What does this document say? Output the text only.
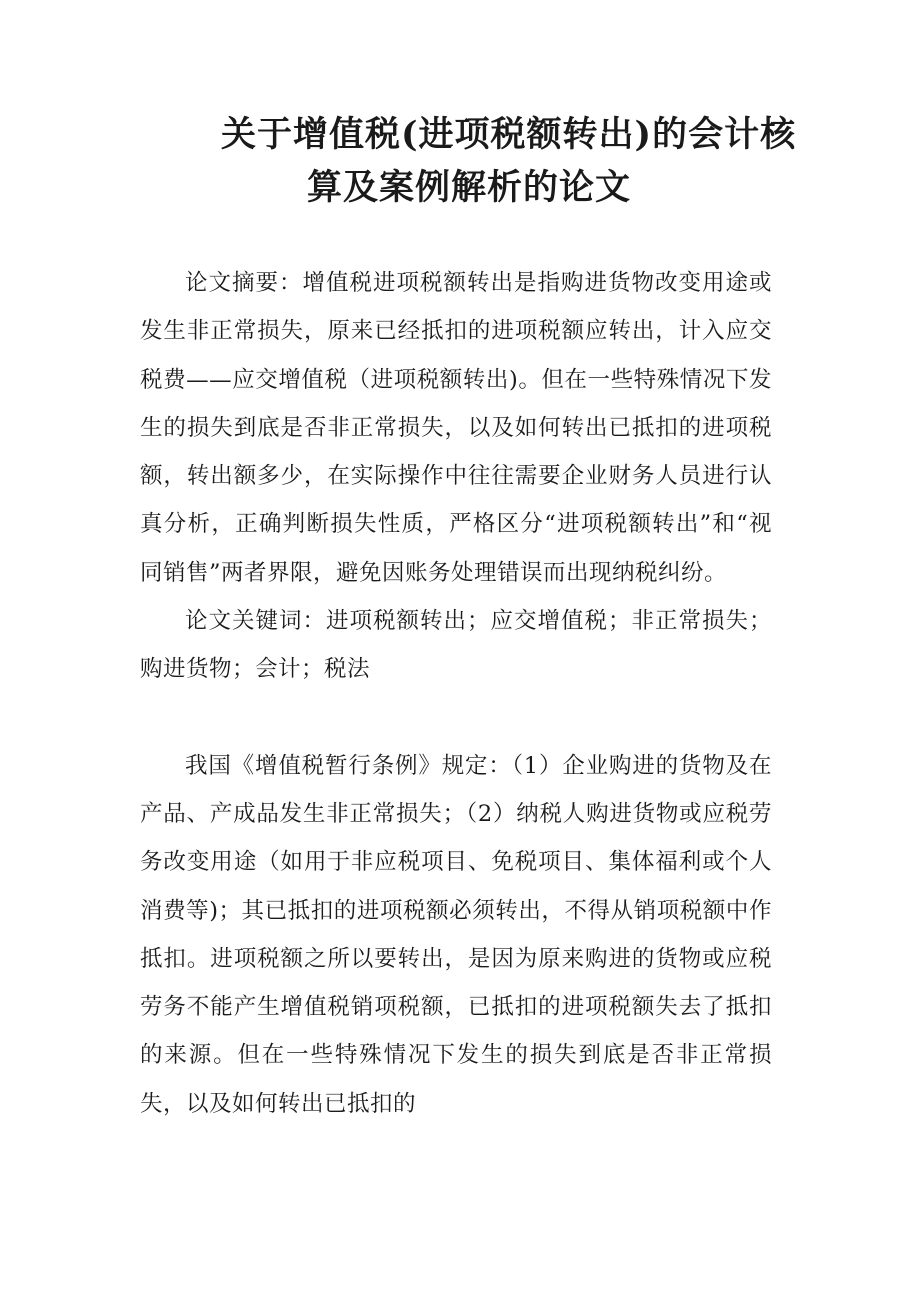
关于增值税(进项税额转出)的会计核
算及案例解析的论文

论文摘要：增值税进项税额转出是指购进货物改变用途或发生非正常损失，原来已经抵扣的进项税额应转出，计入应交税费——应交增值税（进项税额转出)。但在一些特殊情况下发生的损失到底是否非正常损失，以及如何转出已抵扣的进项税额，转出额多少，在实际操作中往往需要企业财务人员进行认真分析，正确判断损失性质，严格区分“进项税额转出”和“视同销售”两者界限，避免因账务处理错误而出现纳税纠纷。

论文关键词：进项税额转出；应交增值税；非正常损失；购进货物；会计；税法

我国《增值税暂行条例》规定：（1）企业购进的货物及在产品、产成品发生非正常损失；（2）纳税人购进货物或应税劳务改变用途（如用于非应税项目、免税项目、集体福利或个人消费等)；其已抵扣的进项税额必须转出，不得从销项税额中作抵扣。进项税额之所以要转出，是因为原来购进的货物或应税劳务不能产生增值税销项税额，已抵扣的进项税额失去了抵扣的来源。但在一些特殊情况下发生的损失到底是否非正常损失，以及如何转出已抵扣的
